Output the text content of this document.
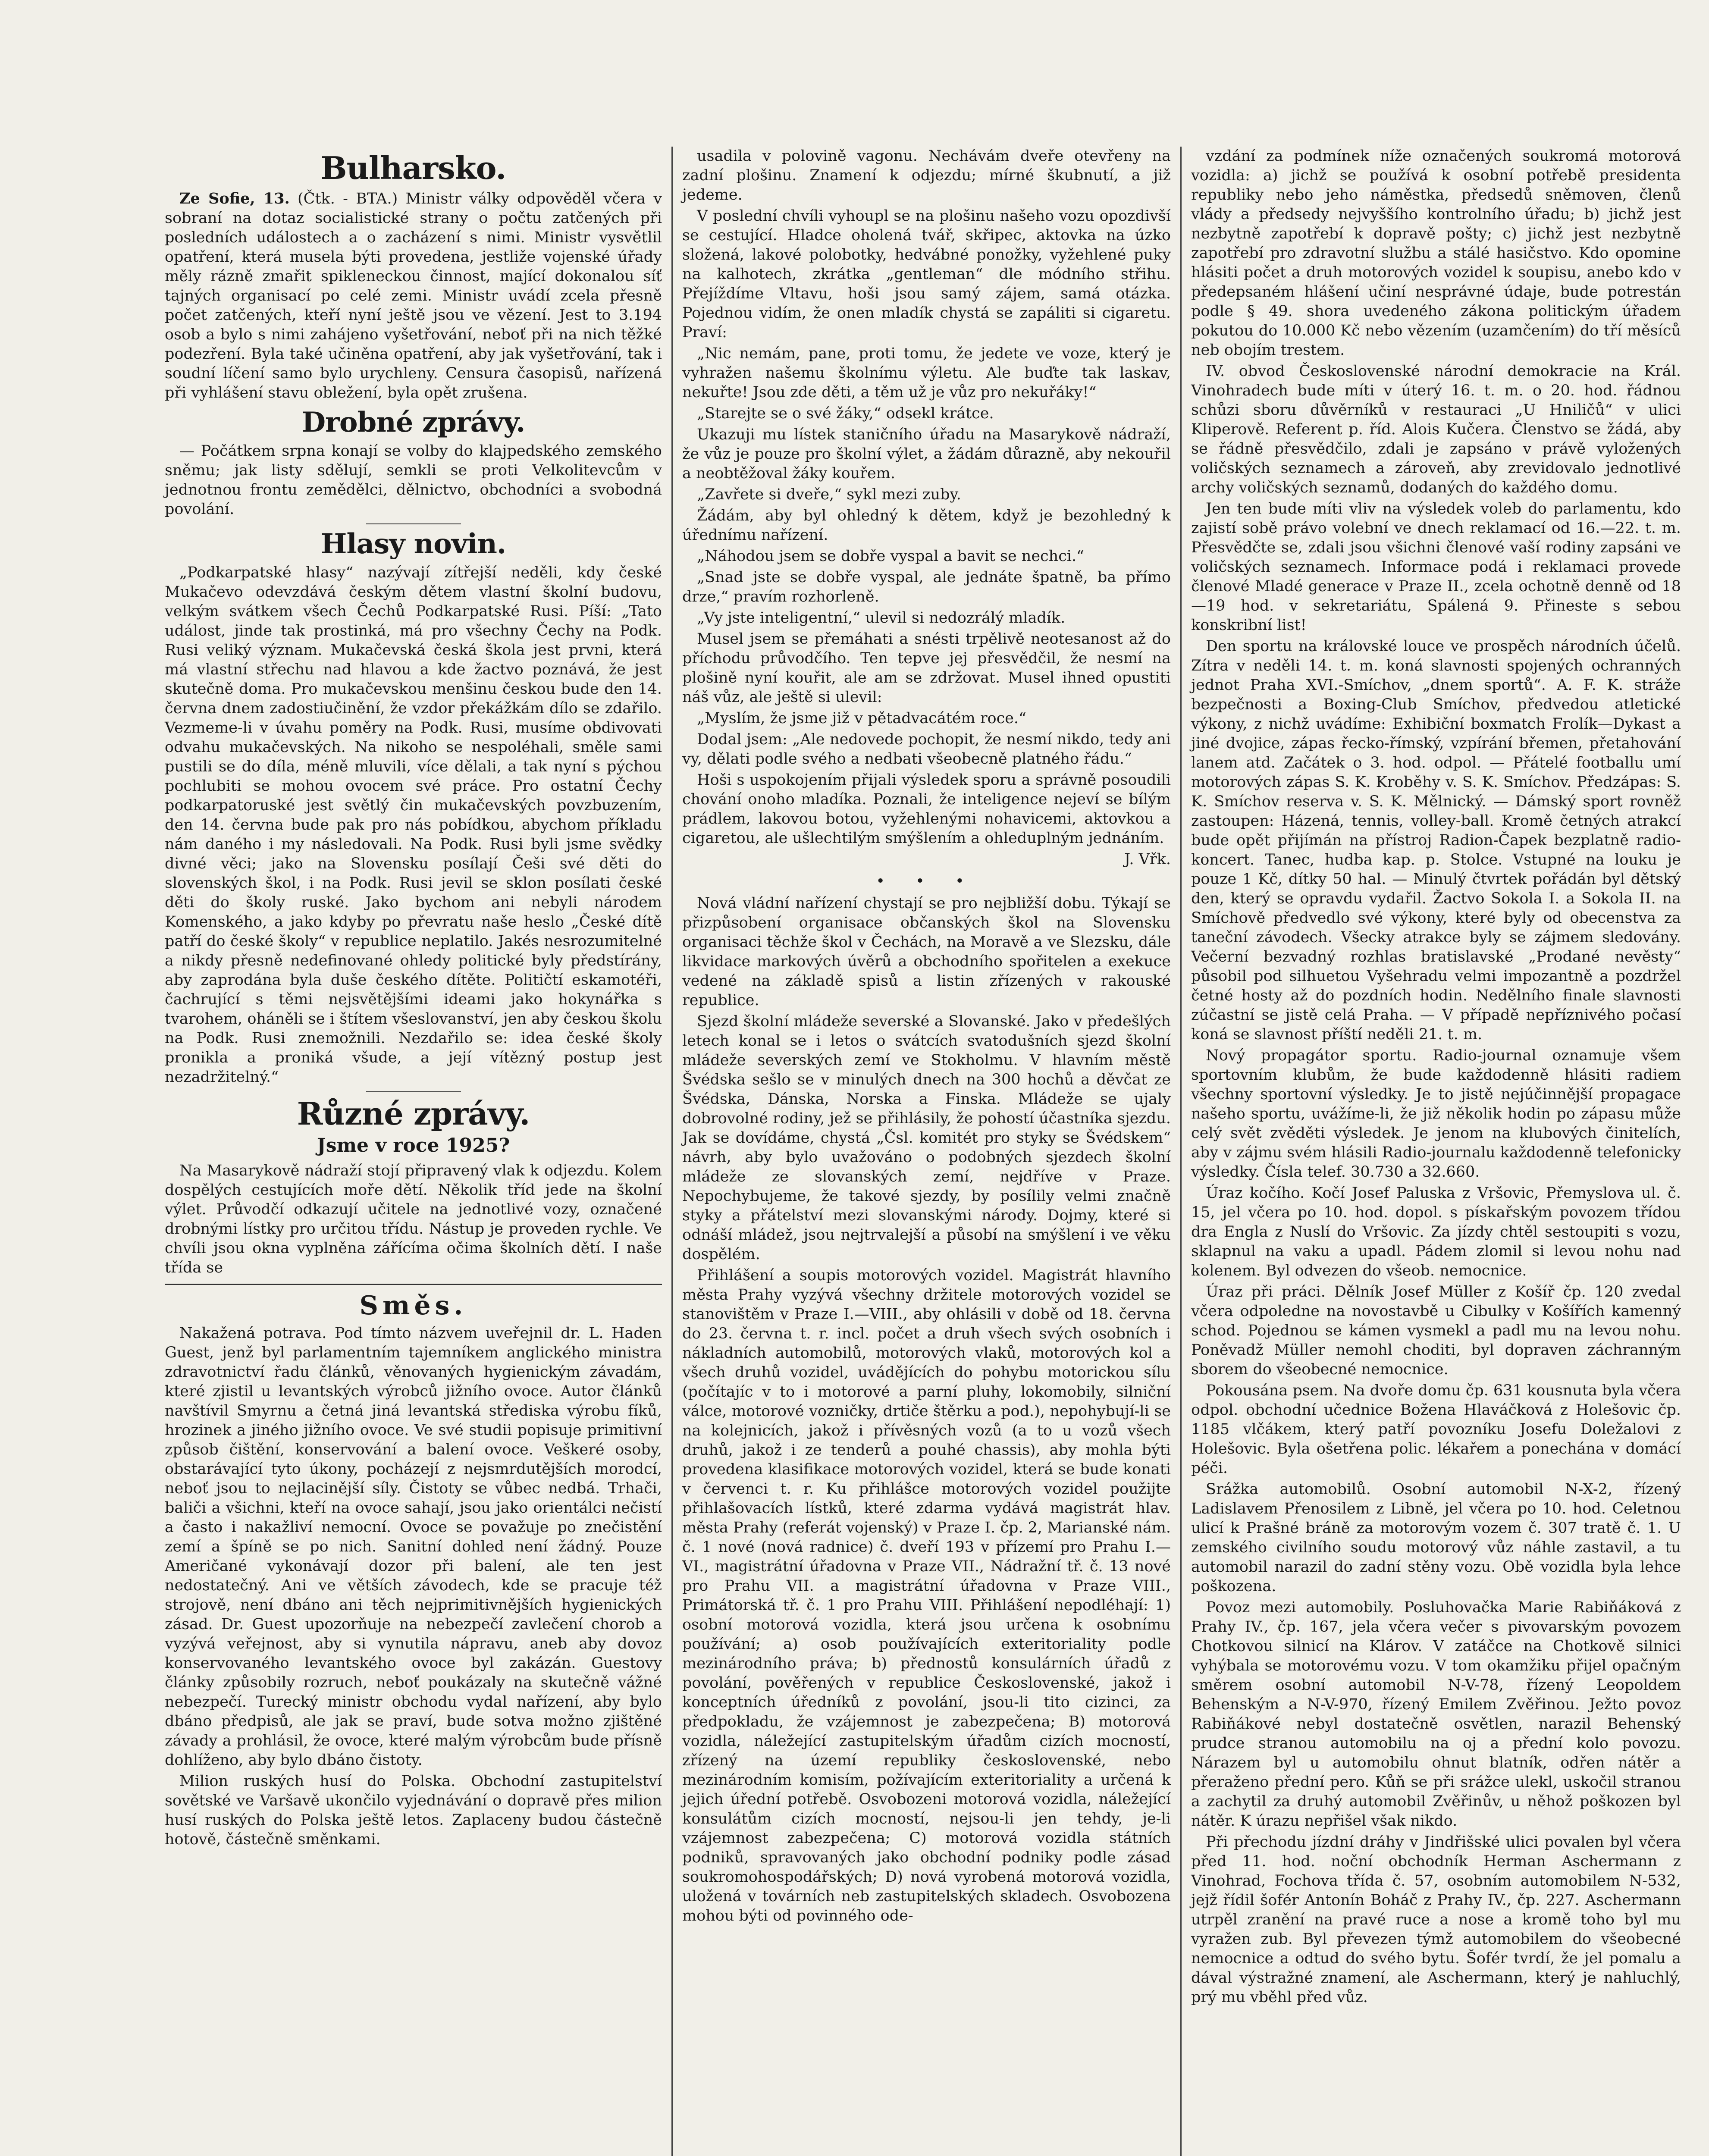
Bulharsko.

Ze Sofie, 13. (Čtk. - BTA.) Ministr války odpověděl včera v sobraní na dotaz socialistické strany o počtu zatčených při posledních událostech a o zacházení s nimi. Ministr vysvětlil opatření, která musela býti provedena, jestliže vojenské úřady měly rázně zmařit spikleneckou činnost, mající dokonalou síť tajných organisací po celé zemi. Ministr uvádí zcela přesně počet zatčených, kteří nyní ještě jsou ve vězení. Jest to 3.194 osob a bylo s nimi zahájeno vyšetřování, neboť při na nich těžké podezření. Byla také učiněna opatření, aby jak vyšetřování, tak i soudní líčení samo bylo urychleny. Censura časopisů, nařízená při vyhlášení stavu obležení, byla opět zrušena.

Drobné zprávy.

— Počátkem srpna konají se volby do klajpedského zemského sněmu; jak listy sdělují, semkli se proti Velkolitevcům v jednotnou frontu zemědělci, dělnictvo, obchodníci a svobodná povolání.

Hlasy novin.

„Podkarpatské hlasy“ nazývají zítřejší neděli, kdy české Mukačevo odevzdává českým dětem vlastní školní budovu, velkým svátkem všech Čechů Podkarpatské Rusi. Píší: „Tato událost, jinde tak prostinká, má pro všechny Čechy na Podk. Rusi veliký význam. Mukačevská česká škola jest prvni, která má vlastní střechu nad hlavou a kde žactvo poznává, že jest skutečně doma. Pro mukačevskou menšinu českou bude den 14. června dnem zadostiučinění, že vzdor překážkám dílo se zdařilo. Vezmeme-li v úvahu poměry na Podk. Rusi, musíme obdivovati odvahu mukačevských. Na nikoho se nespoléhali, směle sami pustili se do díla, méně mluvili, více dělali, a tak nyní s pýchou pochlubiti se mohou ovocem své práce. Pro ostatní Čechy podkarpatoruské jest světlý čin mukačevských povzbuzením, den 14. června bude pak pro nás pobídkou, abychom příkladu nám daného i my následovali. Na Podk. Rusi byli jsme svědky divné věci; jako na Slovensku posílají Češi své děti do slovenských škol, i na Podk. Rusi jevil se sklon posílati české děti do školy ruské. Jako bychom ani nebyli národem Komenského, a jako kdyby po převratu naše heslo „České dítě patří do české školy“ v republice neplatilo. Jakés nesrozumitelné a nikdy přesně nedefinované ohledy politické byly předstírány, aby zaprodána byla duše českého dítěte. Političtí eskamotéři, čachrující s těmi nejsvětějšími ideami jako hokynářka s tvarohem, oháněli se i štítem všeslovanství, jen aby českou školu na Podk. Rusi znemožnili. Nezdařilo se: idea české školy pronikla a proniká všude, a její vítězný postup jest nezadržitelný.“

Různé zprávy.
Jsme v roce 1925?

Na Masarykově nádraží stojí připravený vlak k odjezdu. Kolem dospělých cestujících moře dětí. Několik tříd jede na školní výlet. Průvodčí odkazují učitele na jednotlivé vozy, označené drobnými lístky pro určitou třídu. Nástup je proveden rychle. Ve chvíli jsou okna vyplněna zářícíma očima školních dětí. I naše třída se

Směs.

Nakažená potrava. Pod tímto názvem uveřejnil dr. L. Haden Guest, jenž byl parlamentním tajemníkem anglického ministra zdravotnictví řadu článků, věnovaných hygienickým závadám, které zjistil u levantských výrobců jižního ovoce. Autor článků navštívil Smyrnu a četná jiná levantská střediska výrobu fíků, hrozinek a jiného jižního ovoce. Ve své studii popisuje primitivní způsob čištění, konservování a balení ovoce. Veškeré osoby, obstarávající tyto úkony, pocházejí z nejsmrdutějších morodcí, neboť jsou to nejlacinější síly. Čistoty se vůbec nedbá. Trhači, baliči a všichni, kteří na ovoce sahají, jsou jako orientálci nečistí a často i nakažliví nemocní. Ovoce se považuje po znečistění zemí a špíně se po nich. Sanitní dohled není žádný. Pouze Američané vykonávají dozor při balení, ale ten jest nedostatečný. Ani ve větších závodech, kde se pracuje též strojově, není dbáno ani těch nejprimitivnějších hygienických zásad. Dr. Guest upozorňuje na nebezpečí zavlečení chorob a vyzývá veřejnost, aby si vynutila nápravu, aneb aby dovoz konservovaného levantského ovoce byl zakázán. Guestovy články způsobily rozruch, neboť poukázaly na skutečně vážné nebezpečí. Turecký ministr obchodu vydal nařízení, aby bylo dbáno předpisů, ale jak se praví, bude sotva možno zjištěné závady a prohlásil, že ovoce, které malým výrobcům bude přísně dohlíženo, aby bylo dbáno čistoty.

Milion ruských husí do Polska. Obchodní zastupitelství sovětské ve Varšavě ukončilo vyjednávání o dopravě přes milion husí ruských do Polska ještě letos. Zaplaceny budou částečně hotově, částečně směnkami.

usadila v polovině vagonu. Nechávám dveře otevřeny na zadní plošinu. Znamení k odjezdu; mírné škubnutí, a již jedeme.

V poslední chvíli vyhoupl se na plošinu našeho vozu opozdivší se cestující. Hladce oholená tvář, skřipec, aktovka na úzko složená, lakové polobotky, hedvábné ponožky, vyžehlené puky na kalhotech, zkrátka „gentleman“ dle módního střihu. Přejíždíme Vltavu, hoši jsou samý zájem, samá otázka. Pojednou vidím, že onen mladík chystá se zapáliti si cigaretu. Praví:

„Nic nemám, pane, proti tomu, že jedete ve voze, který je vyhražen našemu školnímu výletu. Ale buďte tak laskav, nekuřte! Jsou zde děti, a těm už je vůz pro nekuřáky!“

„Starejte se o své žáky,“ odsekl krátce.

Ukazuji mu lístek staničního úřadu na Masarykově nádraží, že vůz je pouze pro školní výlet, a žádám důrazně, aby nekouřil a neobtěžoval žáky kouřem.

„Zavřete si dveře,“ sykl mezi zuby.

Žádám, aby byl ohledný k dětem, když je bezohledný k úřednímu nařízení.

„Náhodou jsem se dobře vyspal a bavit se nechci.“

„Snad jste se dobře vyspal, ale jednáte špatně, ba přímo drze,“ pravím rozhorleně.

„Vy jste inteligentní,“ ulevil si nedozrálý mladík.

Musel jsem se přemáhati a snésti trpělivě neotesanost až do příchodu průvodčího. Ten tepve jej přesvědčil, že nesmí na plošině nyní kouřit, ale am se zdržovat. Musel ihned opustiti náš vůz, ale ještě si ulevil:

„Myslím, že jsme již v pětadvacátém roce.“

Dodal jsem: „Ale nedovede pochopit, že nesmí nikdo, tedy ani vy, dělati podle svého a nedbati všeobecně platného řádu.“

Hoši s uspokojením přijali výsledek sporu a správně posoudili chování onoho mladíka. Poznali, že inteligence nejeví se bílým prádlem, lakovou botou, vyžehlenými nohavicemi, aktovkou a cigaretou, ale ušlechtilým smýšlením a ohleduplným jednáním.

J. Vřk.
• • •

Nová vládní nařízení chystají se pro nejbližší dobu. Týkají se přizpůsobení organisace občanských škol na Slovensku organisaci těchže škol v Čechách, na Moravě a ve Slezsku, dále likvidace markových úvěrů a obchodního spořitelen a exekuce vedené na základě spisů a listin zřízených v rakouské republice.

Sjezd školní mládeže severské a Slovanské. Jako v předešlých letech konal se i letos o svátcích svatodušních sjezd školní mládeže severských zemí ve Stokholmu. V hlavním městě Švédska sešlo se v minulých dnech na 300 hochů a děvčat ze Švédska, Dánska, Norska a Finska. Mládeže se ujaly dobrovolné rodiny, jež se přihlásily, že pohostí účastníka sjezdu. Jak se dovídáme, chystá „Čsl. komitét pro styky se Švédskem“ návrh, aby bylo uvažováno o podobných sjezdech školní mládeže ze slovanských zemí, nejdříve v Praze. Nepochybujeme, že takové sjezdy, by posílily velmi značně styky a přátelství mezi slovanskými národy. Dojmy, které si odnáší mládež, jsou nejtrvalejší a působí na smýšlení i ve věku dospělém.

Přihlášení a soupis motorových vozidel. Magistrát hlavního města Prahy vyzývá všechny držitele motorových vozidel se stanovištěm v Praze I.—VIII., aby ohlásili v době od 18. června do 23. června t. r. incl. počet a druh všech svých osobních i nákladních automobilů, motorových vlaků, motorových kol a všech druhů vozidel, uvádějících do pohybu motorickou sílu (počítajíc v to i motorové a parní pluhy, lokomobily, silniční válce, motorové vozničky, drtiče štěrku a pod.), nepohybují-li se na kolejnicích, jakož i přívěsných vozů (a to u vozů všech druhů, jakož i ze tenderů a pouhé chassis), aby mohla býti provedena klasifikace motorových vozidel, která se bude konati v červenci t. r. Ku přihlášce motorových vozidel použijte přihlašovacích lístků, které zdarma vydává magistrát hlav. města Prahy (referát vojenský) v Praze I. čp. 2, Marianské nám. č. 1 nové (nová radnice) č. dveří 193 v přízemí pro Prahu I.—VI., magistrátní úřadovna v Praze VII., Nádražní tř. č. 13 nové pro Prahu VII. a magistrátní úřadovna v Praze VIII., Primátorská tř. č. 1 pro Prahu VIII. Přihlášení nepodléhají: 1) osobní motorová vozidla, která jsou určena k osobnímu používání; a) osob používajících exteritoriality podle mezinárodního práva; b) přednostů konsulárních úřadů z povolání, pověřených v republice Československé, jakož i konceptních úředníků z povolání, jsou-li tito cizinci, za předpokladu, že vzájemnost je zabezpečena; B) motorová vozidla, náležející zastupitelským úřadům cizích mocností, zřízený na území republiky československé, nebo mezinárodním komisím, požívajícím exteritoriality a určená k jejich úřední potřebě. Osvobozeni motorová vozidla, náležející konsulátům cizích mocností, nejsou-li jen tehdy, je-li vzájemnost zabezpečena; C) motorová vozidla státních podniků, spravovaných jako obchodní podniky podle zásad soukromohospodářských; D) nová vyrobená motorová vozidla, uložená v továrních neb zastupitelských skladech. Osvobozena mohou býti od povinného ode-

vzdání za podmínek níže označených soukromá motorová vozidla: a) jichž se používá k osobní potřebě presidenta republiky nebo jeho náměstka, předsedů sněmoven, členů vlády a předsedy nejvyššího kontrolního úřadu; b) jichž jest nezbytně zapotřebí k dopravě pošty; c) jichž jest nezbytně zapotřebí pro zdravotní službu a stálé hasičstvo. Kdo opomine hlásiti počet a druh motorových vozidel k soupisu, anebo kdo v předepsaném hlášení učiní nesprávné údaje, bude potrestán podle § 49. shora uvedeného zákona politickým úřadem pokutou do 10.000 Kč nebo vězením (uzamčením) do tří měsíců neb obojím trestem.

IV. obvod Československé národní demokracie na Král. Vinohradech bude míti v úterý 16. t. m. o 20. hod. řádnou schůzi sboru důvěrníků v restauraci „U Hniličů“ v ulici Kliperově. Referent p. říd. Alois Kučera. Členstvo se žádá, aby se řádně přesvědčilo, zdali je zapsáno v právě vyložených voličských seznamech a zároveň, aby zrevidovalo jednotlivé archy voličských seznamů, dodaných do každého domu.

Jen ten bude míti vliv na výsledek voleb do parlamentu, kdo zajistí sobě právo volební ve dnech reklamací od 16.—22. t. m. Přesvědčte se, zdali jsou všichni členové vaší rodiny zapsáni ve voličských seznamech. Informace podá i reklamaci provede členové Mladé generace v Praze II., zcela ochotně denně od 18—19 hod. v sekretariátu, Spálená 9. Přineste s sebou konskribní list!

Den sportu na královské louce ve prospěch národních účelů. Zítra v neděli 14. t. m. koná slavnosti spojených ochranných jednot Praha XVI.-Smíchov, „dnem sportů“. A. F. K. stráže bezpečnosti a Boxing-Club Smíchov, předvedou atletické výkony, z nichž uvádíme: Exhibiční boxmatch Frolík—Dykast a jiné dvojice, zápas řecko-římský, vzpírání břemen, přetahování lanem atd. Začátek o 3. hod. odpol. — Přátelé footballu umí motorových zápas S. K. Kroběhy v. S. K. Smíchov. Předzápas: S. K. Smíchov reserva v. S. K. Mělnický. — Dámský sport rovněž zastoupen: Házená, tennis, volley-ball. Kromě četných atrakcí bude opět přijímán na přístroj Radion-Čapek bezplatně radio-koncert. Tanec, hudba kap. p. Stolce. Vstupné na louku je pouze 1 Kč, dítky 50 hal. — Minulý čtvrtek pořádán byl dětský den, který se opravdu vydařil. Žactvo Sokola I. a Sokola II. na Smíchově předvedlo své výkony, které byly od obecenstva za taneční závodech. Všecky atrakce byly se zájmem sledovány. Večerní bezvadný rozhlas bratislavské „Prodané nevěsty“ působil pod silhuetou Vyšehradu velmi impozantně a pozdržel četné hosty až do pozdních hodin. Nedělního finale slavnosti zúčastní se jistě celá Praha. — V případě nepříznivého počasí koná se slavnost příští neděli 21. t. m.

Nový propagátor sportu. Radio-journal oznamuje všem sportovním klubům, že bude každodenně hlásiti radiem všechny sportovní výsledky. Je to jistě nejúčinnější propagace našeho sportu, uvážíme-li, že již několik hodin po zápasu může celý svět zvěděti výsledek. Je jenom na klubových činitelích, aby v zájmu svém hlásili Radio-journalu každodenně telefonicky výsledky. Čísla telef. 30.730 a 32.660.

Úraz kočího. Kočí Josef Paluska z Vršovic, Přemyslova ul. č. 15, jel včera po 10. hod. dopol. s pískařským povozem třídou dra Engla z Nuslí do Vršovic. Za jízdy chtěl sestoupiti s vozu, sklapnul na vaku a upadl. Pádem zlomil si levou nohu nad kolenem. Byl odvezen do všeob. nemocnice.

Úraz při práci. Dělník Josef Müller z Košíř čp. 120 zvedal včera odpoledne na novostavbě u Cibulky v Košířích kamenný schod. Pojednou se kámen vysmekl a padl mu na levou nohu. Poněvadž Müller nemohl choditi, byl dopraven záchranným sborem do všeobecné nemocnice.

Pokousána psem. Na dvoře domu čp. 631 kousnuta byla včera odpol. obchodní učednice Božena Hlaváčková z Holešovic čp. 1185 vlčákem, který patří povozníku Josefu Doležalovi z Holešovic. Byla ošetřena polic. lékařem a ponechána v domácí péči.

Srážka automobilů. Osobní automobil N-X-2, řízený Ladislavem Přenosilem z Libně, jel včera po 10. hod. Celetnou ulicí k Prašné bráně za motorovým vozem č. 307 tratě č. 1. U zemského civilního soudu motorový vůz náhle zastavil, a tu automobil narazil do zadní stěny vozu. Obě vozidla byla lehce poškozena.

Povoz mezi automobily. Posluhovačka Marie Rabiňáková z Prahy IV., čp. 167, jela včera večer s pivovarským povozem Chotkovou silnicí na Klárov. V zatáčce na Chotkově silnici vyhýbala se motorovému vozu. V tom okamžiku přijel opačným směrem osobní automobil N-V-78, řízený Leopoldem Behenským a N-V-970, řízený Emilem Zvěřinou. Ježto povoz Rabiňákové nebyl dostatečně osvětlen, narazil Behenský prudce stranou automobilu na oj a přední kolo povozu. Nárazem byl u automobilu ohnut blatník, odřen nátěr a přeraženo přední pero. Kůň se při srážce ulekl, uskočil stranou a zachytil za druhý automobil Zvěřinův, u něhož poškozen byl nátěr. K úrazu nepřišel však nikdo.

Při přechodu jízdní dráhy v Jindřišské ulici povalen byl včera před 11. hod. noční obchodník Herman Aschermann z Vinohrad, Fochova třída č. 57, osobním automobilem N-532, jejž řídil šofér Antonín Boháč z Prahy IV., čp. 227. Aschermann utrpěl zranění na pravé ruce a nose a kromě toho byl mu vyražen zub. Byl převezen týmž automobilem do všeobecné nemocnice a odtud do svého bytu. Šofér tvrdí, že jel pomalu a dával výstražné znamení, ale Aschermann, který je nahluchlý, prý mu vběhl před vůz.
